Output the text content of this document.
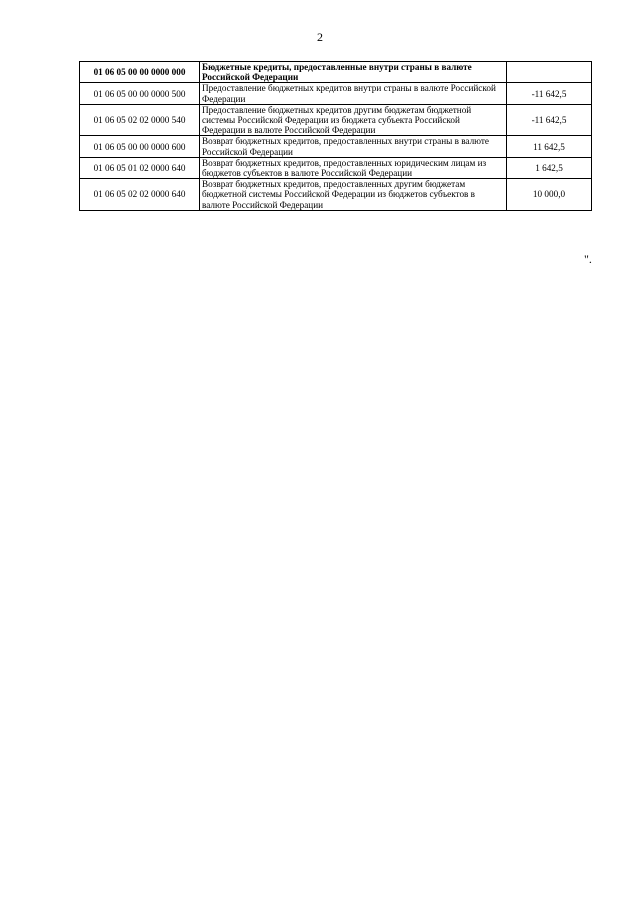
2
01 06 05 00 00 0000 000	Бюджетные кредиты, предоставленные внутри страны в валюте Российской Федерации	
01 06 05 00 00 0000 500	Предоставление бюджетных кредитов внутри страны в валюте Российской Федерации	-11 642,5
01 06 05 02 02 0000 540	Предоставление бюджетных кредитов другим бюджетам бюджетной системы Российской Федерации из бюджета субъекта Российской Федерации в валюте Российской Федерации	-11 642,5
01 06 05 00 00 0000 600	Возврат бюджетных кредитов, предоставленных внутри страны в валюте Российской Федерации	11 642,5
01 06 05 01 02 0000 640	Возврат бюджетных кредитов, предоставленных юридическим лицам из бюджетов субъектов в валюте Российской Федерации	1 642,5
01 06 05 02 02 0000 640	Возврат бюджетных кредитов, предоставленных другим бюджетам бюджетной системы Российской Федерации из бюджетов субъектов в валюте Российской Федерации	10 000,0
".
